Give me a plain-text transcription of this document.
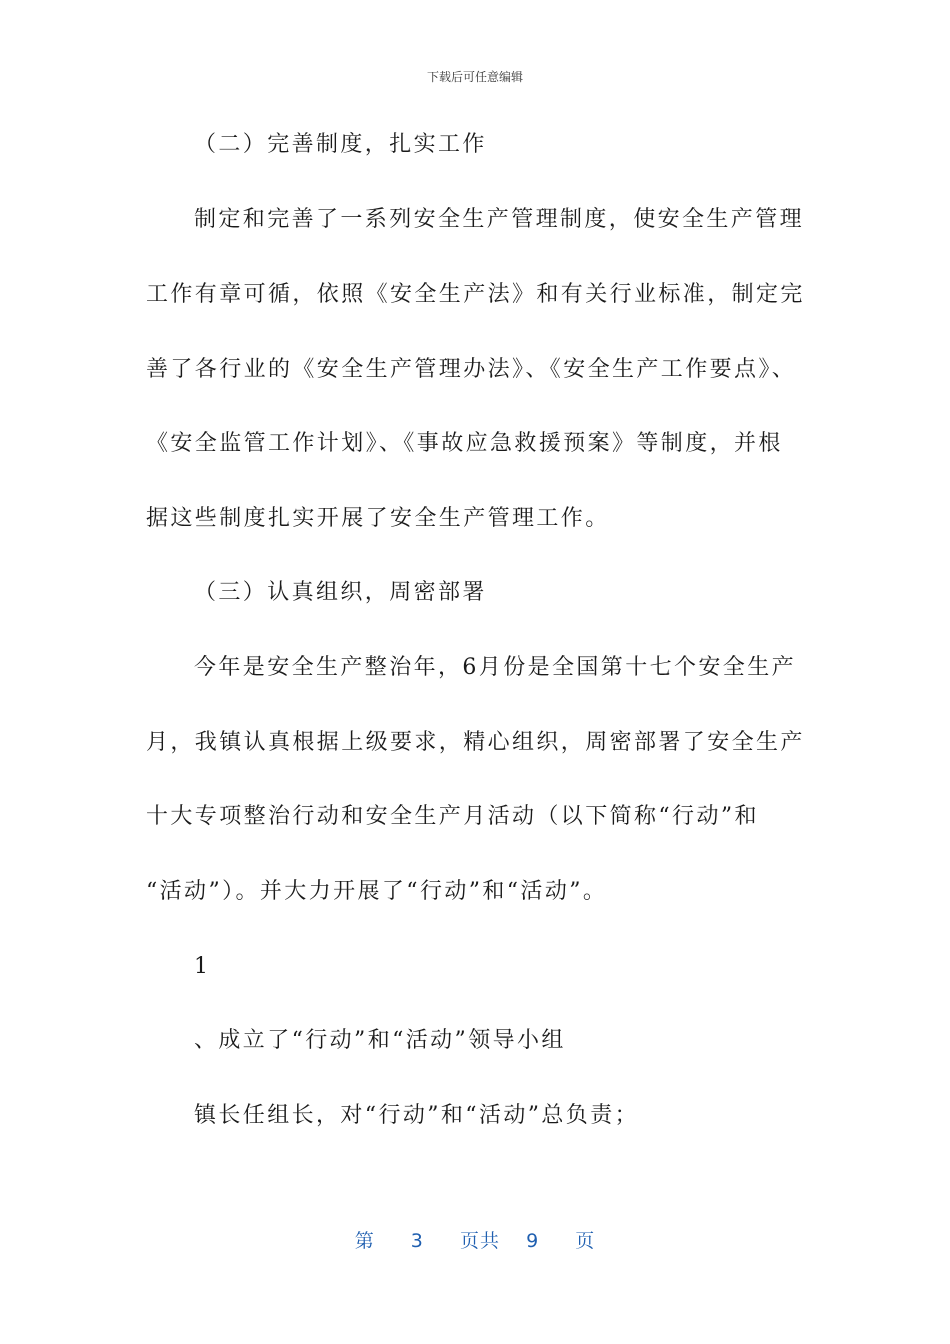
下载后可任意编辑
（二）完善制度，扎实工作
制定和完善了一系列安全生产管理制度，使安全生产管理
工作有章可循，依照《安全生产法》和有关行业标准，制定完
善了各行业的《安全生产管理办法》、《安全生产工作要点》、
《安全监管工作计划》、《事故应急救援预案》等制度，并根
据这些制度扎实开展了安全生产管理工作。
（三）认真组织，周密部署
今年是安全生产整治年，6月份是全国第十七个安全生产
月，我镇认真根据上级要求，精心组织，周密部署了安全生产
十大专项整治行动和安全生产月活动（以下简称“行动”和
“活动”）。并大力开展了“行动”和“活动”。
1
、成立了“行动”和“活动”领导小组
镇长任组长，对“行动”和“活动”总负责；
第 3 页共 9 页
